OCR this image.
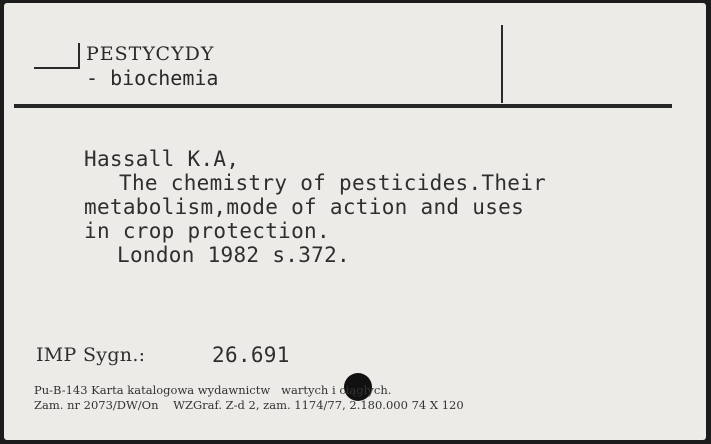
PESTYCYDY
- biochemia
Hassall K.A,
The chemistry of pesticides.Their
metabolism,mode of action and uses
in crop protection.
London 1982 s.372.
IMP Sygn.:	26.691
Pu-B-143 Karta katalogowa wydawnictw   wartych i ciągłych.
Zam. nr 2073/DW/On    WZGraf. Z-d 2, zam. 1174/77, 2.180.000 74 X 120
